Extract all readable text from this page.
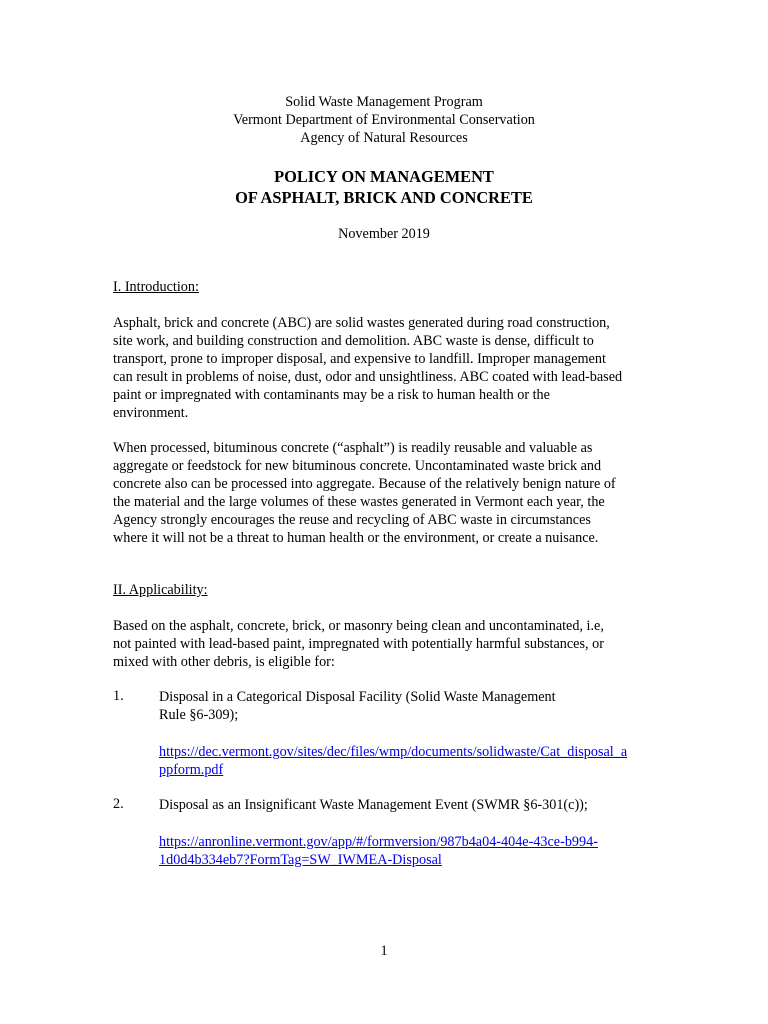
Solid Waste Management Program
Vermont Department of Environmental Conservation
Agency of Natural Resources
POLICY ON MANAGEMENT
OF ASPHALT, BRICK AND CONCRETE
November 2019
I. Introduction:
Asphalt, brick and concrete (ABC) are solid wastes generated during road construction,
site work, and building construction and demolition. ABC waste is dense, difficult to
transport, prone to improper disposal, and expensive to landfill. Improper management
can result in problems of noise, dust, odor and unsightliness. ABC coated with lead-based
paint or impregnated with contaminants may be a risk to human health or the
environment.
When processed, bituminous concrete (“asphalt”) is readily reusable and valuable as
aggregate or feedstock for new bituminous concrete. Uncontaminated waste brick and
concrete also can be processed into aggregate. Because of the relatively benign nature of
the material and the large volumes of these wastes generated in Vermont each year, the
Agency strongly encourages the reuse and recycling of ABC waste in circumstances
where it will not be a threat to human health or the environment, or create a nuisance.
II. Applicability:
Based on the asphalt, concrete, brick, or masonry being clean and uncontaminated, i.e,
not painted with lead-based paint, impregnated with potentially harmful substances, or
mixed with other debris, is eligible for:
1. Disposal in a Categorical Disposal Facility (Solid Waste Management
Rule §6-309);
https://dec.vermont.gov/sites/dec/files/wmp/documents/solidwaste/Cat_disposal_a
ppform.pdf
2. Disposal as an Insignificant Waste Management Event (SWMR §6-301(c));
https://anronline.vermont.gov/app/#/formversion/987b4a04-404e-43ce-b994-
1d0d4b334eb7?FormTag=SW_IWMEA-Disposal
1
